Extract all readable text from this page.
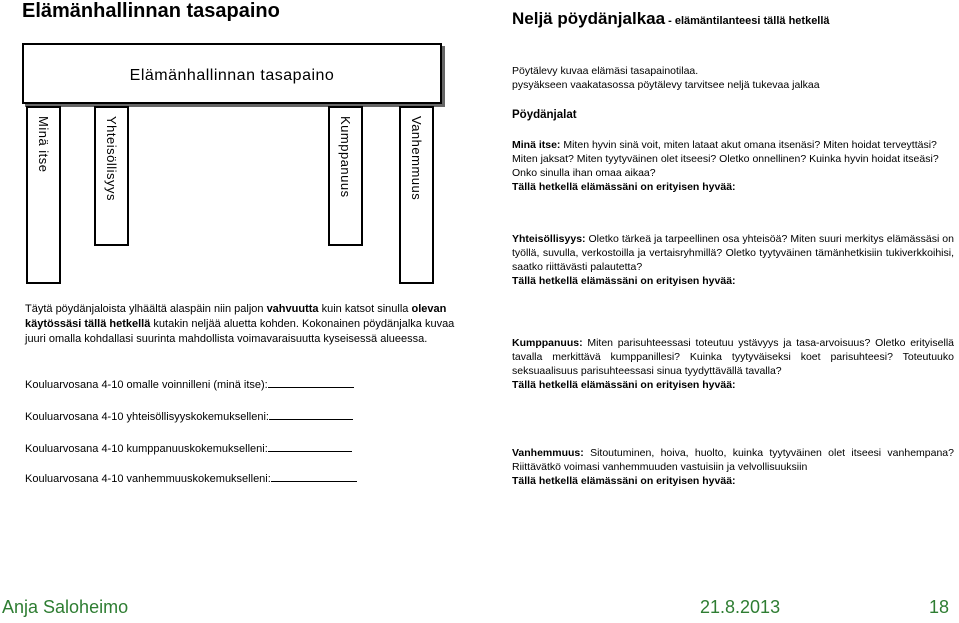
Elämänhallinnan tasapaino
Elämänhallinnan tasapaino
Minä itse	Yhteisöllisyys	Kumppanuus	Vanhemmuus
Täytä pöydänjaloista ylhäältä alaspäin niin paljon vahvuutta kuin katsot sinulla olevan käytössäsi tällä hetkellä kutakin neljää aluetta kohden. Kokonainen pöydänjalka kuvaa juuri omalla kohdallasi suurinta mahdollista voimavaraisuutta kyseisessä alueessa.
Kouluarvosana 4-10 omalle voinnilleni (minä itse):
Kouluarvosana 4-10 yhteisöllisyyskokemukselleni:
Kouluarvosana 4-10 kumppanuuskokemukselleni:
Kouluarvosana 4-10 vanhemmuuskokemukselleni:
Neljä pöydänjalkaa - elämäntilanteesi tällä hetkellä
Pöytälevy kuvaa elämäsi tasapainotilaa.
pysyäkseen vaakatasossa pöytälevy tarvitsee neljä tukevaa jalkaa
Pöydänjalat
Minä itse: Miten hyvin sinä voit, miten lataat akut omana itsenäsi? Miten hoidat terveyttäsi? Miten jaksat? Miten tyytyväinen olet itseesi? Oletko onnellinen? Kuinka hyvin hoidat itseäsi? Onko sinulla ihan omaa aikaa?
Tällä hetkellä elämässäni on erityisen hyvää:
Yhteisöllisyys: Oletko tärkeä ja tarpeellinen osa yhteisöä? Miten suuri merkitys elämässäsi on työllä, suvulla, verkostoilla ja vertaisryhmillä? Oletko tyytyväinen tämänhetkisiin tukiverkkoihisi, saatko riittävästi palautetta?
Tällä hetkellä elämässäni on erityisen hyvää:
Kumppanuus: Miten parisuhteessasi toteutuu ystävyys ja tasa-arvoisuus? Oletko erityisellä tavalla merkittävä kumppanillesi? Kuinka tyytyväiseksi koet parisuhteesi? Toteutuuko seksuaalisuus parisuhteessasi sinua tyydyttävällä tavalla?
Tällä hetkellä elämässäni on erityisen hyvää:
Vanhemmuus: Sitoutuminen, hoiva, huolto, kuinka tyytyväinen olet itseesi vanhempana? Riittävätkö voimasi vanhemmuuden vastuisiin ja velvollisuuksiin
Tällä hetkellä elämässäni on erityisen hyvää:
Anja Saloheimo	21.8.2013	18
